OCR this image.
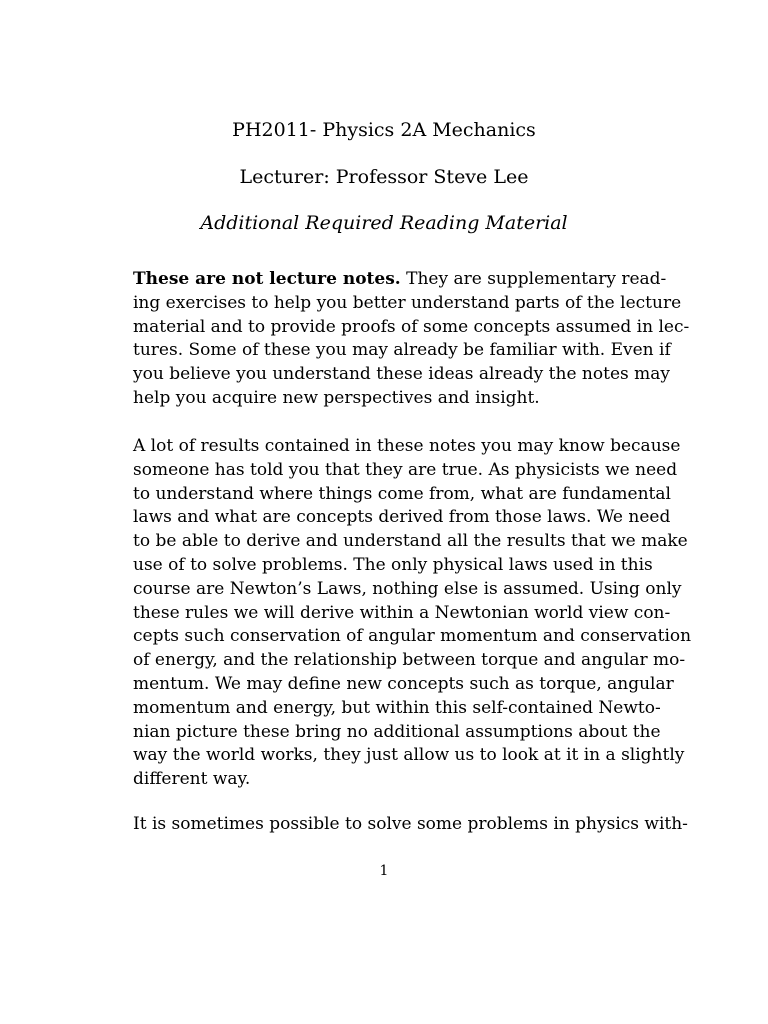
PH2011- Physics 2A Mechanics
Lecturer: Professor Steve Lee
Additional Required Reading Material
These are not lecture notes. They are supplementary read-
ing exercises to help you better understand parts of the lecture
material and to provide proofs of some concepts assumed in lec-
tures. Some of these you may already be familiar with. Even if
you believe you understand these ideas already the notes may
help you acquire new perspectives and insight.
A lot of results contained in these notes you may know because
someone has told you that they are true. As physicists we need
to understand where things come from, what are fundamental
laws and what are concepts derived from those laws. We need
to be able to derive and understand all the results that we make
use of to solve problems. The only physical laws used in this
course are Newton’s Laws, nothing else is assumed. Using only
these rules we will derive within a Newtonian world view con-
cepts such conservation of angular momentum and conservation
of energy, and the relationship between torque and angular mo-
mentum. We may define new concepts such as torque, angular
momentum and energy, but within this self-contained Newto-
nian picture these bring no additional assumptions about the
way the world works, they just allow us to look at it in a slightly
different way.
It is sometimes possible to solve some problems in physics with-
1
